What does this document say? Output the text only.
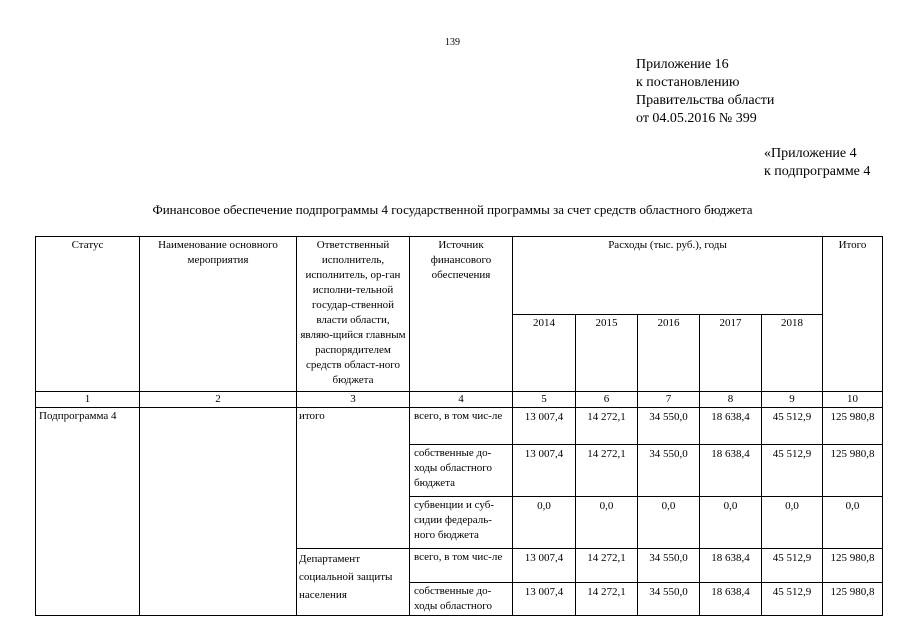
139
Приложение 16
к постановлению
Правительства области
от 04.05.2016 № 399
«Приложение 4
к подпрограмме 4
Финансовое обеспечение подпрограммы 4 государственной программы за счет средств областного бюджета
Статус	Наименование основного мероприятия	Ответственный исполнитель, исполнитель, ор-ган исполни-тельной государ-ственной власти области, являю-щийся главным распорядителем средств област-ного бюджета	Источник финансового обеспечения	Расходы (тыс. руб.), годы					Итого
				2014	2015	2016	2017	2018	
1	2	3	4	5	6	7	8	9	10
Подпрограмма 4		итого	всего, в том чис-ле	13 007,4	14 272,1	34 550,0	18 638,4	45 512,9	125 980,8
			собственные до-ходы областного бюджета	13 007,4	14 272,1	34 550,0	18 638,4	45 512,9	125 980,8
			субвенции и суб-сидии федераль-ного бюджета	0,0	0,0	0,0	0,0	0,0	0,0
		Департамент социальной защиты населения	всего, в том чис-ле	13 007,4	14 272,1	34 550,0	18 638,4	45 512,9	125 980,8
			собственные до-ходы областного	13 007,4	14 272,1	34 550,0	18 638,4	45 512,9	125 980,8
